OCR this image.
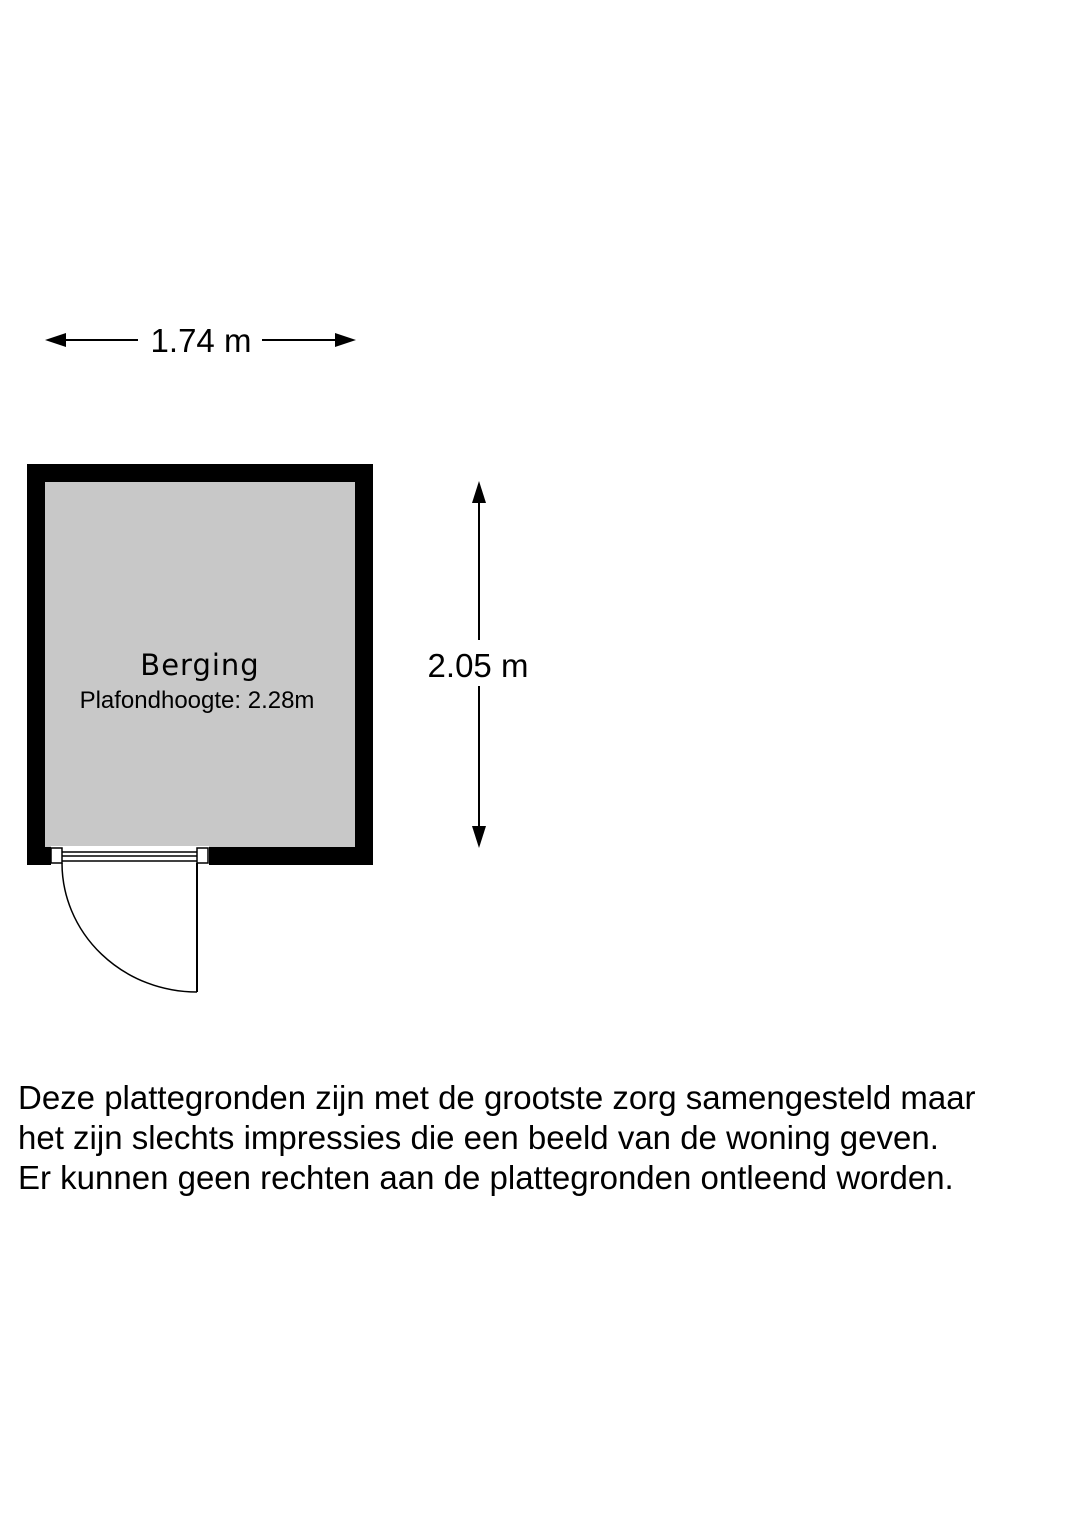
1.74 m
Berging
Plafondhoogte: 2.28m
2.05 m

Deze plattegronden zijn met de grootste zorg samengesteld maar
het zijn slechts impressies die een beeld van de woning geven.
Er kunnen geen rechten aan de plattegronden ontleend worden.
